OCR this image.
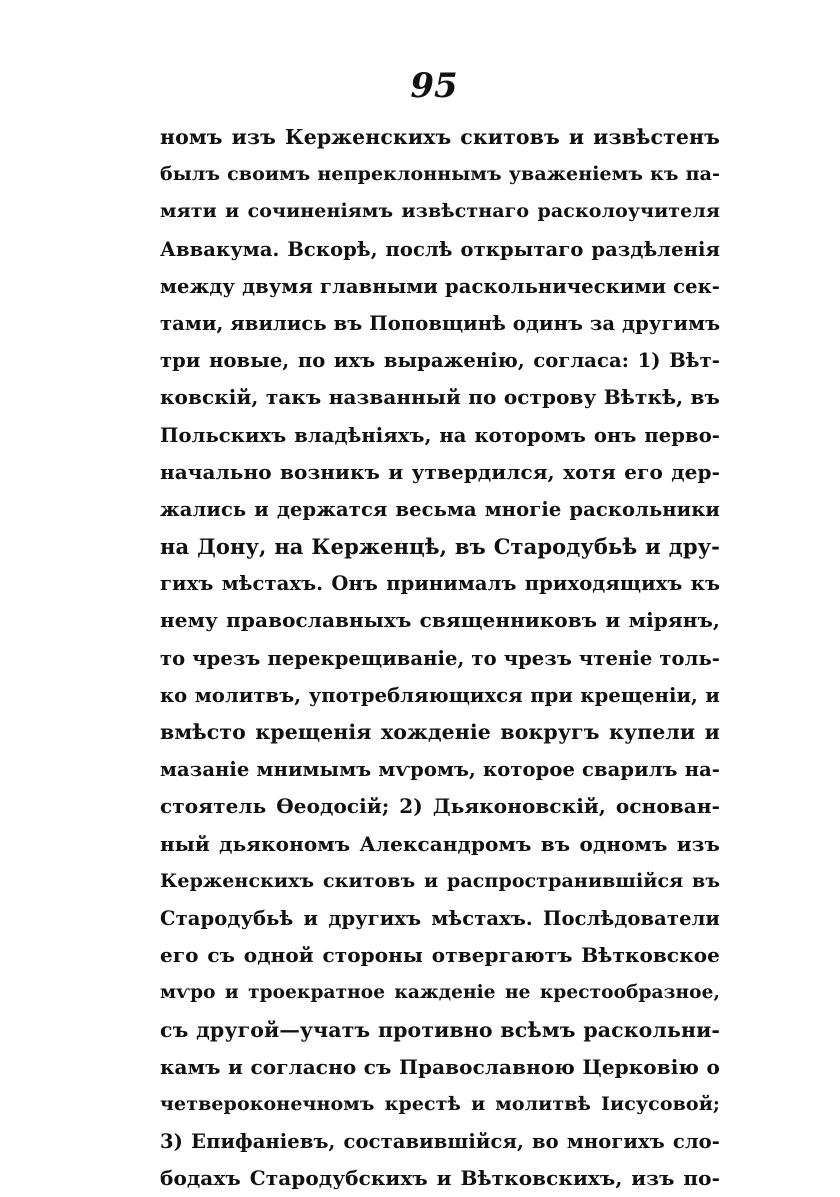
95
номъ изъ Керженскихъ скитовъ и извѣстенъ
былъ своимъ непреклоннымъ уваженіемъ къ па-
мяти и сочиненіямъ извѣстнаго расколоучителя
Аввакума. Вскорѣ, послѣ открытаго раздѣленія
между двумя главными раскольническими сек-
тами, явились въ Поповщинѣ одинъ за другимъ
три новые, по ихъ выраженію, согласа: 1) Вѣт-
ковскій, такъ названный по острову Вѣткѣ, въ
Польскихъ владѣніяхъ, на которомъ онъ перво-
начально возникъ и утвердился, хотя его дер-
жались и держатся весьма многіе раскольники
на Дону, на Керженцѣ, въ Стародубьѣ и дру-
гихъ мѣстахъ. Онъ принималъ приходящихъ къ
нему православныхъ священниковъ и мірянъ,
то чрезъ перекрещиваніе, то чрезъ чтеніе толь-
ко молитвъ, употребляющихся при крещеніи, и
вмѣсто крещенія хожденіе вокругъ купели и
мазаніе мнимымъ мѵромъ, которое сварилъ на-
стоятель Ѳеодосій; 2) Дьяконовскій, основан-
ный дьякономъ Александромъ въ одномъ изъ
Керженскихъ скитовъ и распространившійся въ
Стародубьѣ и другихъ мѣстахъ. Послѣдователи
его съ одной стороны отвергаютъ Вѣтковское
мѵро и троекратное кажденіе не крестообразное,
съ другой—учатъ противно всѣмъ раскольни-
камъ и согласно съ Православною Церковію о
четвероконечномъ крестѣ и молитвѣ Іисусовой;
3) Епифаніевъ, составившійся, во многихъ сло-
бодахъ Стародубскихъ и Вѣтковскихъ, изъ по-
